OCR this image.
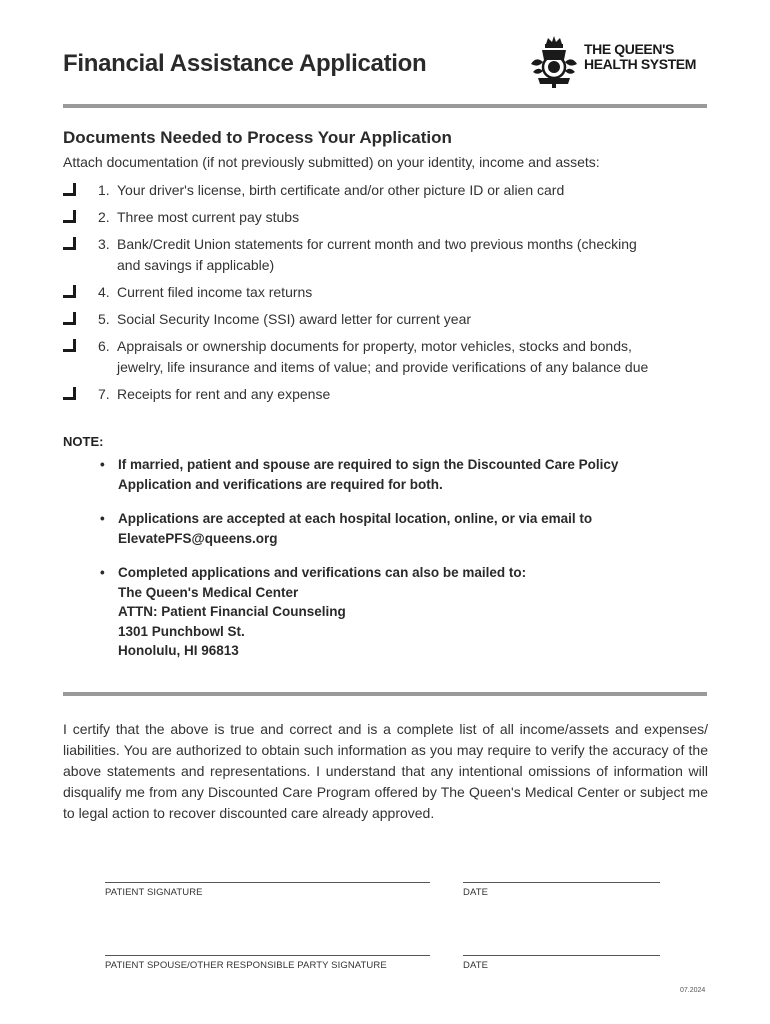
Financial Assistance Application
THE QUEEN'S
HEALTH SYSTEM
Documents Needed to Process Your Application
Attach documentation (if not previously submitted) on your identity, income and assets:
1. Your driver's license, birth certificate and/or other picture ID or alien card
2. Three most current pay stubs
3. Bank/Credit Union statements for current month and two previous months (checking
and savings if applicable)
4. Current filed income tax returns
5. Social Security Income (SSI) award letter for current year
6. Appraisals or ownership documents for property, motor vehicles, stocks and bonds,
jewelry, life insurance and items of value; and provide verifications of any balance due
7. Receipts for rent and any expense
NOTE:
• If married, patient and spouse are required to sign the Discounted Care Policy
Application and verifications are required for both.
• Applications are accepted at each hospital location, online, or via email to
ElevatePFS@queens.org
• Completed applications and verifications can also be mailed to:
The Queen's Medical Center
ATTN: Patient Financial Counseling
1301 Punchbowl St.
Honolulu, HI 96813
I certify that the above is true and correct and is a complete list of all income/assets and expenses/ liabilities. You are authorized to obtain such information as you may require to verify the accuracy of the above statements and representations. I understand that any intentional omissions of information will disqualify me from any Discounted Care Program offered by The Queen's Medical Center or subject me to legal action to recover discounted care already approved.
PATIENT SIGNATURE	DATE
PATIENT SPOUSE/OTHER RESPONSIBLE PARTY SIGNATURE	DATE
07.2024
